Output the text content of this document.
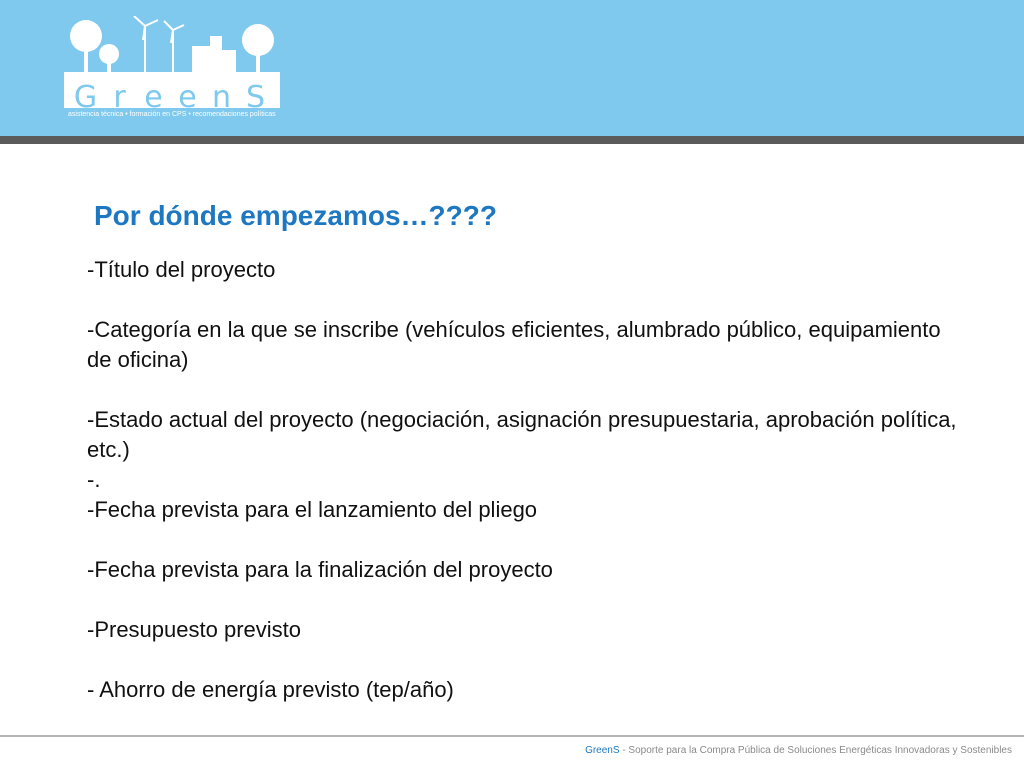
G r e e n S
asistencia técnica • formación en CPS • recomendaciones políticas
Por dónde empezamos…????

-Título del proyecto

-Categoría en la que se inscribe (vehículos eficientes, alumbrado público, equipamiento de oficina)

-Estado actual del proyecto (negociación, asignación presupuestaria, aprobación política, etc.)

-.

-Fecha prevista para el lanzamiento del pliego

-Fecha prevista para la finalización del proyecto

-Presupuesto previsto

- Ahorro de energía previsto (tep/año)

GreenS - Soporte para la Compra Pública de Soluciones Energéticas Innovadoras y Sostenibles
